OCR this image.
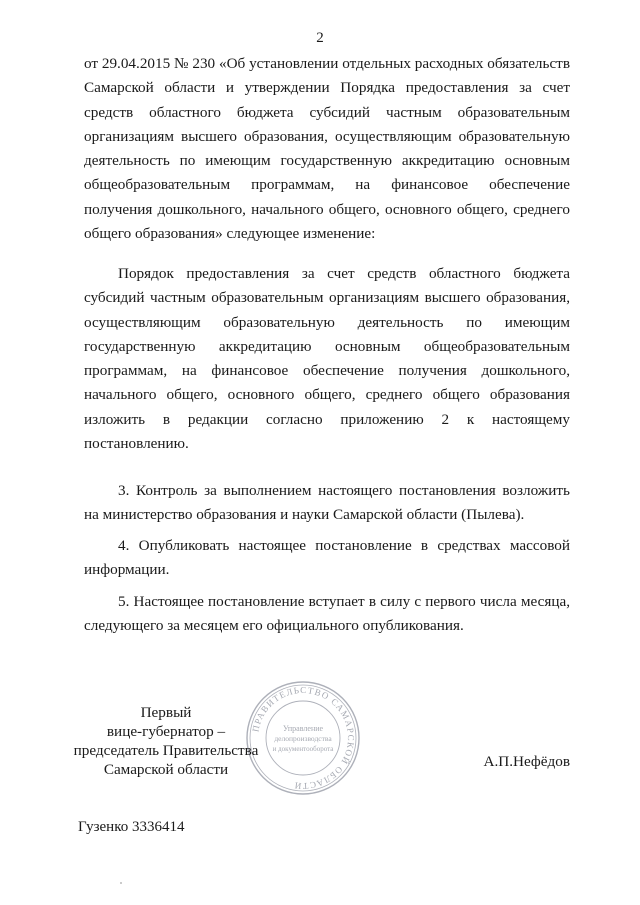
2
от 29.04.2015 № 230 «Об установлении отдельных расходных обязательств Самарской области и утверждении Порядка предоставления за счет средств областного бюджета субсидий частным образовательным организациям высшего образования, осуществляющим образовательную деятельность по имеющим государственную аккредитацию основным общеобразовательным программам, на финансовое обеспечение получения дошкольного, начального общего, основного общего, среднего общего образования» следующее изменение:
Порядок предоставления за счет средств областного бюджета субсидий частным образовательным организациям высшего образования, осуществляющим образовательную деятельность по имеющим государственную аккредитацию основным общеобразовательным программам, на финансовое обеспечение получения дошкольного, начального общего, основного общего, среднего общего образования изложить в редакции согласно приложению 2 к настоящему постановлению.
3. Контроль за выполнением настоящего постановления возложить на министерство образования и науки Самарской области (Пылева).
4. Опубликовать настоящее постановление в средствах массовой информации.
5. Настоящее постановление вступает в силу с первого числа месяца, следующего за месяцем его официального опубликования.
ПРАВИТЕЛЬСТВО САМАРСКОЙ ОБЛАСТИ
Управление
делопроизводства
и документооборота
Первый
вице-губернатор –
председатель Правительства
Самарской области	А.П.Нефёдов
Гузенко 3336414
